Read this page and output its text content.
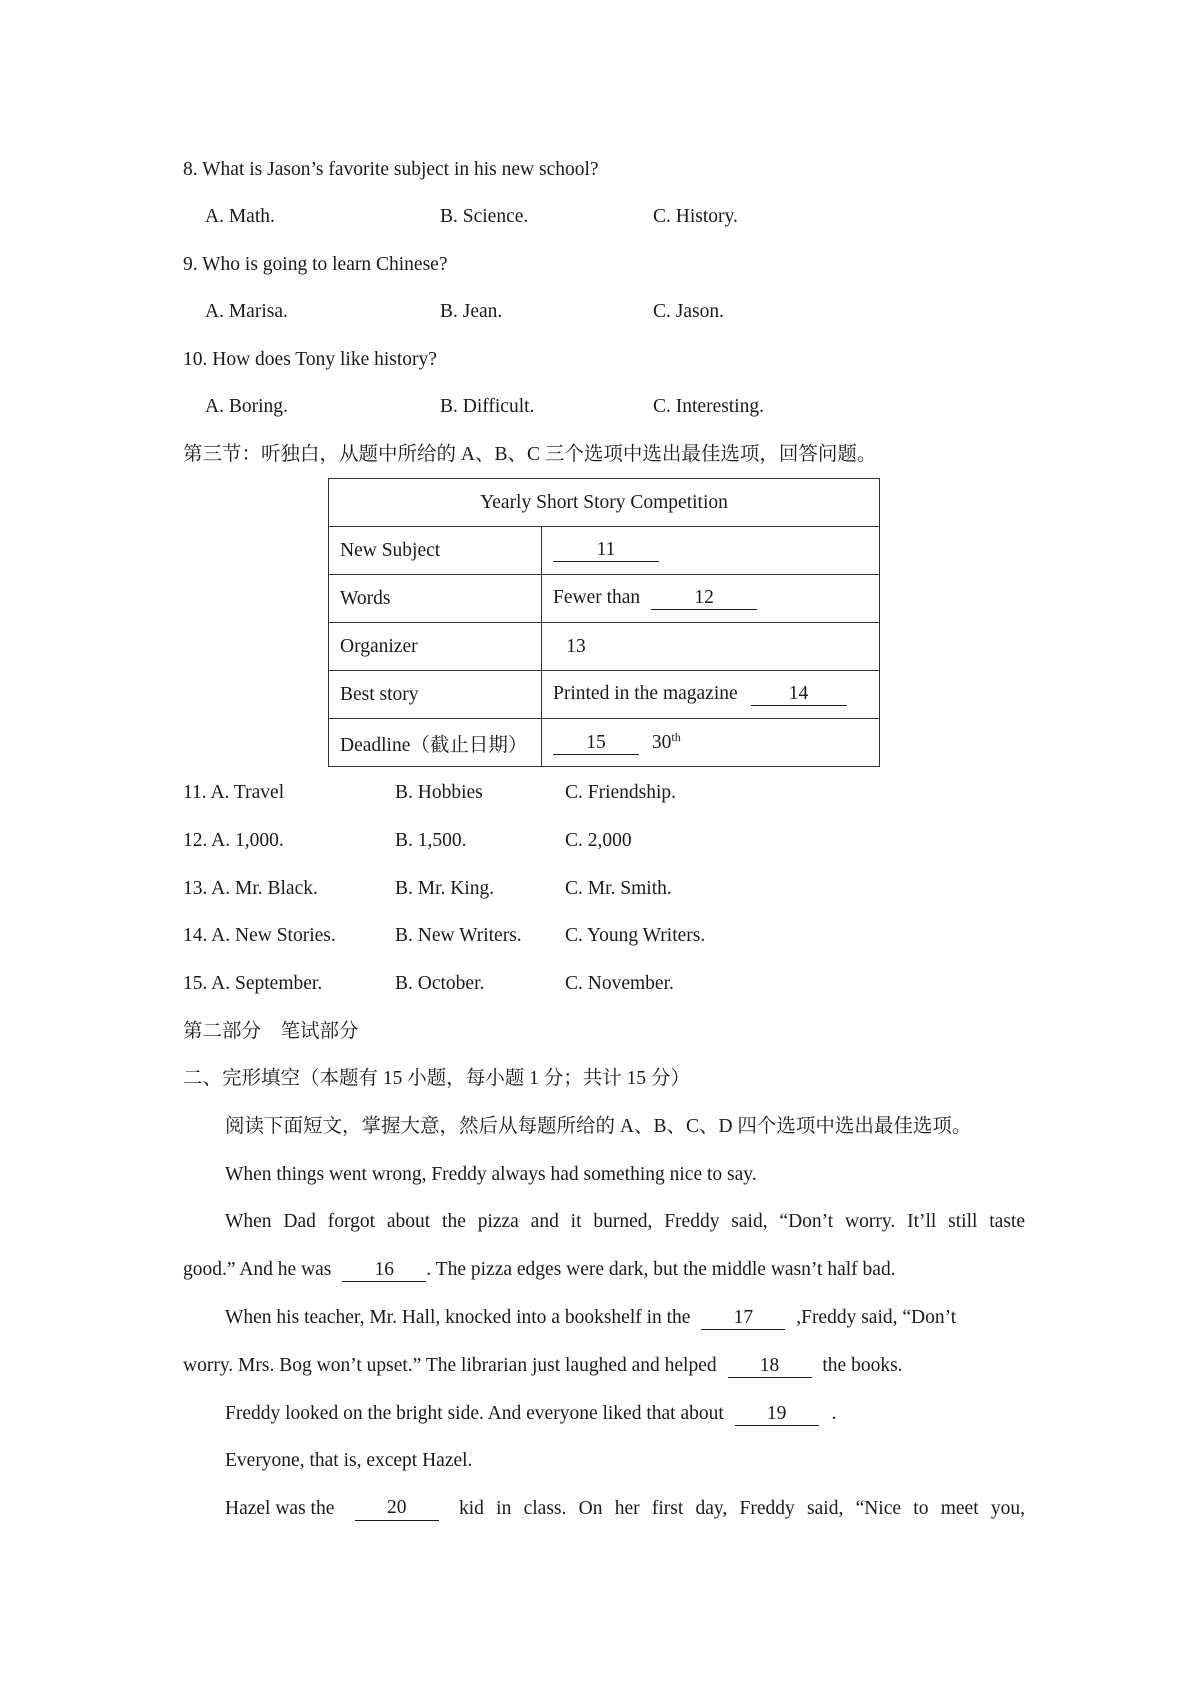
8. What is Jason’s favorite subject in his new school?
A. Math.	B. Science.	C. History.
9. Who is going to learn Chinese?
A. Marisa.	B. Jean.	C. Jason.
10. How does Tony like history?
A. Boring.	B. Difficult.	C. Interesting.
第三节：听独白，从题中所给的 A、B、C 三个选项中选出最佳选项，回答问题。
Yearly Short Story Competition	
New Subject	11
Words	Fewer than 12
Organizer	13
Best story	Printed in the magazine 14
Deadline（截止日期）	15 30th
11. A. Travel	B. Hobbies	C. Friendship.
12. A. 1,000.	B. 1,500.	C. 2,000
13. A. Mr. Black.	B. Mr. King.	C. Mr. Smith.
14. A. New Stories.	B. New Writers. C. Young Writers.
15. A. September.	B. October.	C. November.
第二部分　笔试部分
二、完形填空（本题有 15 小题，每小题 1 分；共计 15 分）
阅读下面短文，掌握大意，然后从每题所给的 A、B、C、D 四个选项中选出最佳选项。
When things went wrong, Freddy always had something nice to say.
When Dad forgot about the pizza and it burned, Freddy said, “Don’t worry. It’ll still taste
good.” And he was 16 . The pizza edges were dark, but the middle wasn’t half bad.
When his teacher, Mr. Hall, knocked into a bookshelf in the 17 ,Freddy said, “Don’t
worry. Mrs. Bog won’t upset.” The librarian just laughed and helped 18 the books.
Freddy looked on the bright side. And everyone liked that about 19 .
Everyone, that is, except Hazel.
Hazel was the	20	kid in class. On her first day, Freddy said, “Nice to meet you,
